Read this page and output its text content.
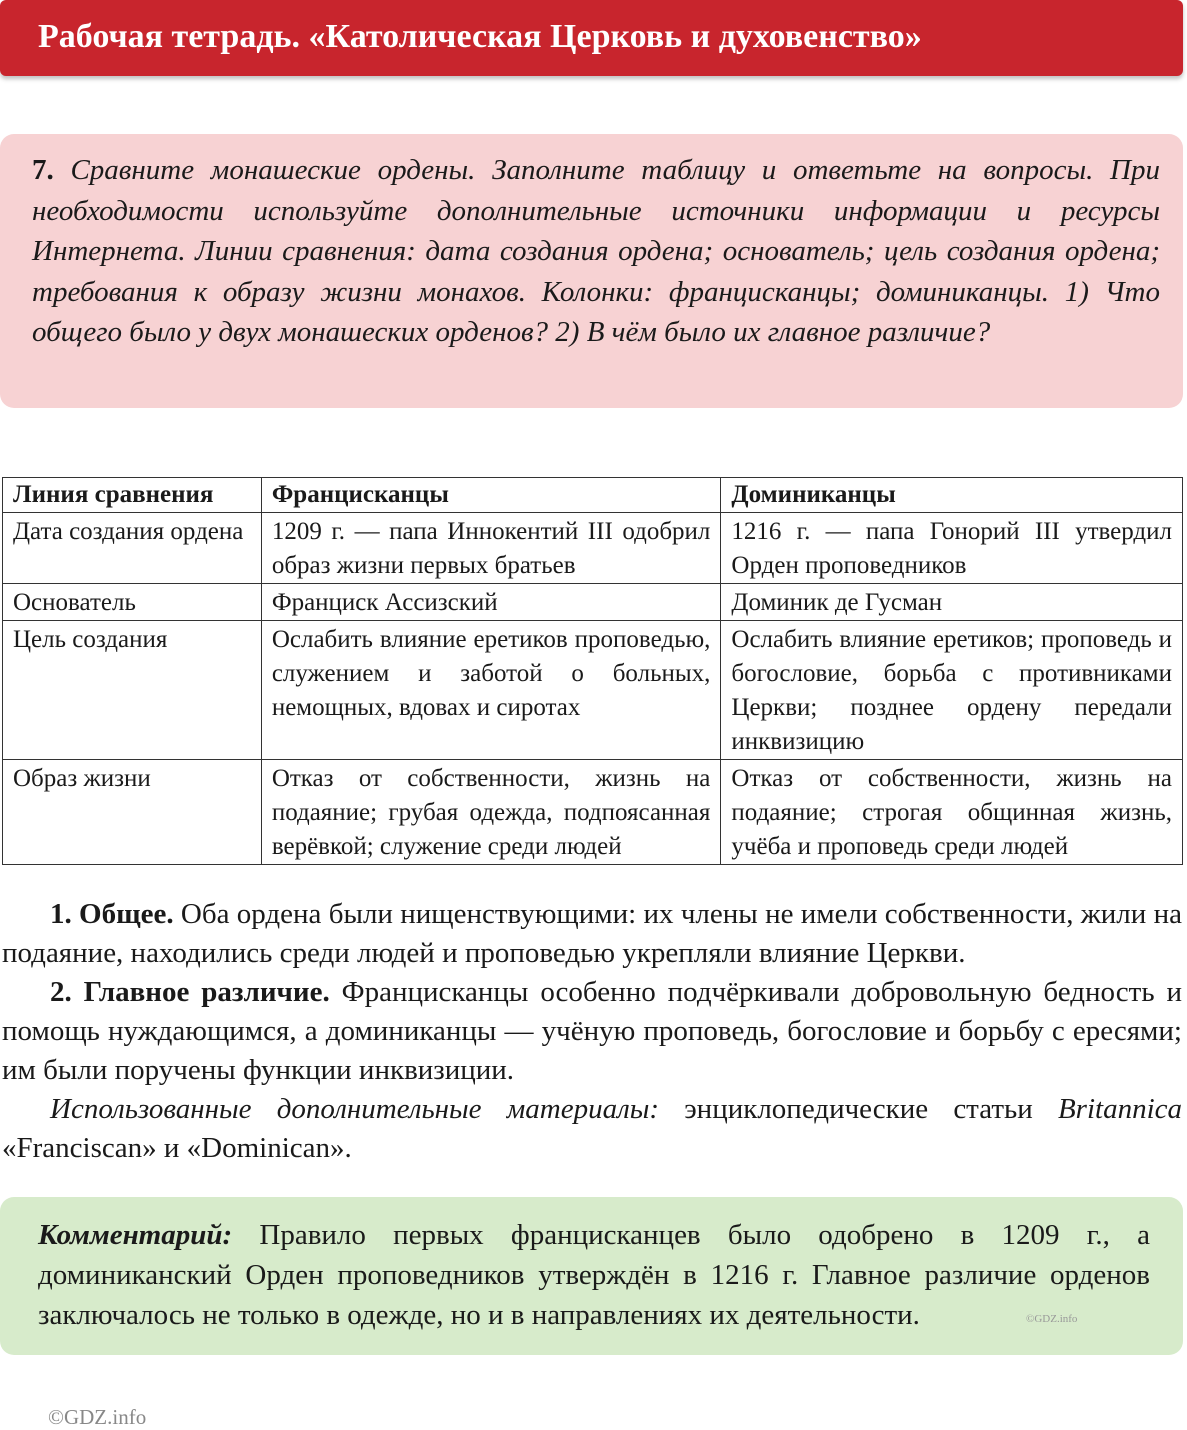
Рабочая тетрадь. «Католическая Церковь и духовенство»

7. Сравните монашеские ордены. Заполните таблицу и ответьте на вопросы. При необходимости используйте дополнительные источники информации и ресурсы Интернета. Линии сравнения: дата создания ордена; основатель; цель создания ордена; требования к образу жизни монахов. Колонки: францисканцы; доминиканцы. 1) Что общего было у двух монашеских орденов? 2) В чём было их главное различие?

Линия сравнения	Францисканцы	Доминиканцы
Дата создания ордена	1209 г. — папа Иннокентий III одобрил образ жизни первых братьев	1216 г. — папа Гонорий III утвердил Орден проповедников
Основатель	Франциск Ассизский	Доминик де Гусман
Цель создания	Ослабить влияние еретиков проповедью, служением и заботой о больных, немощных, вдовах и сиротах	Ослабить влияние еретиков; проповедь и богословие, борьба с противниками Церкви; позднее ордену передали инквизицию
Образ жизни	Отказ от собственности, жизнь на подаяние; грубая одежда, подпоясанная верёвкой; служение среди людей	Отказ от собственности, жизнь на подаяние; строгая общинная жизнь, учёба и проповедь среди людей

1. Общее. Оба ордена были нищенствующими: их члены не имели собственности, жили на подаяние, находились среди людей и проповедью укрепляли влияние Церкви.

2. Главное различие. Францисканцы особенно подчёркивали добровольную бедность и помощь нуждающимся, а доминиканцы — учёную проповедь, богословие и борьбу с ересями; им были поручены функции инквизиции.

Использованные дополнительные материалы: энциклопедические статьи Britannica «Franciscan» и «Dominican».

Комментарий: Правило первых францисканцев было одобрено в 1209 г., а доминиканский Орден проповедников утверждён в 1216 г. Главное различие орденов заключалось не только в одежде, но и в направлениях их деятельности.	©GDZ.info
©GDZ.info
